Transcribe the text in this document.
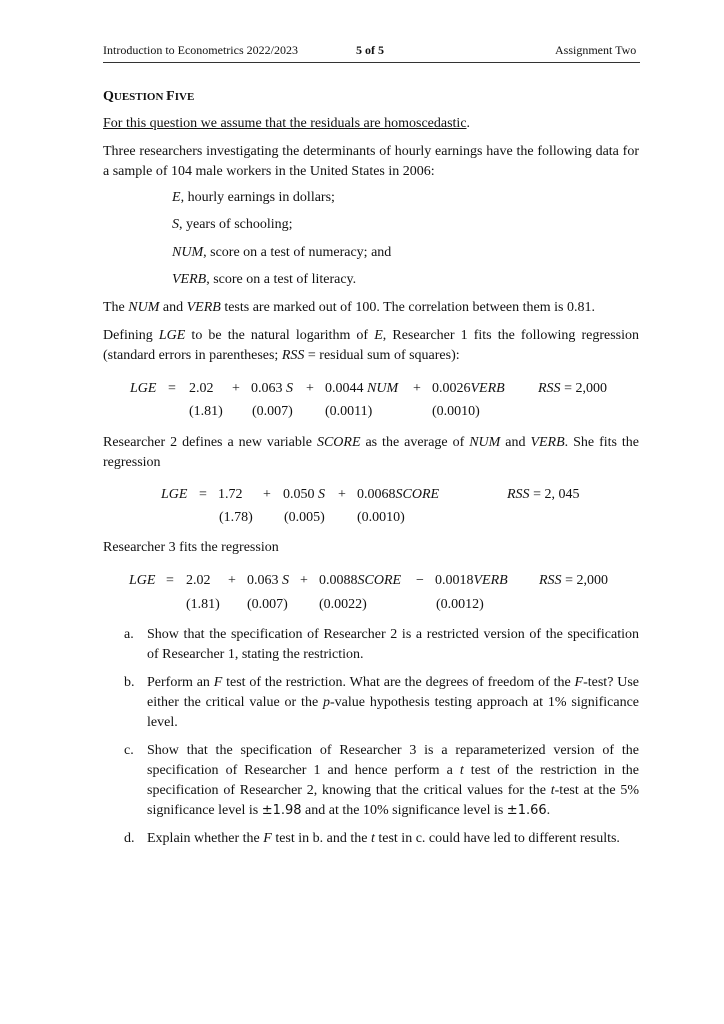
Introduction to Econometrics 2022/2023	5 of 5	Assignment Two
QUESTION FIVE
For this question we assume that the residuals are homoscedastic.
Three researchers investigating the determinants of hourly earnings have the following data for a sample of 104 male workers in the United States in 2006:
E, hourly earnings in dollars;
S, years of schooling;
NUM, score on a test of numeracy; and
VERB, score on a test of literacy.
The NUM and VERB tests are marked out of 100. The correlation between them is 0.81.
Defining LGE to be the natural logarithm of E, Researcher 1 fits the following regression (standard errors in parentheses; RSS = residual sum of squares):
LGE = 2.02 + 0.063 S + 0.0044 NUM + 0.0026VERB RSS = 2,000
(1.81) (0.007) (0.0011)	(0.0010)
Researcher 2 defines a new variable SCORE as the average of NUM and VERB. She fits the regression
LGE = 1.72 + 0.050 S + 0.0068SCORE	RSS = 2, 045
(1.78) (0.005) (0.0010)
Researcher 3 fits the regression
LGE = 2.02 + 0.063 S + 0.0088SCORE − 0.0018VERB RSS = 2,000
(1.81) (0.007) (0.0022)	(0.0012)
a. Show that the specification of Researcher 2 is a restricted version of the specification of Researcher 1, stating the restriction.
b. Perform an F test of the restriction. What are the degrees of freedom of the F-test? Use either the critical value or the p-value hypothesis testing approach at 1% significance level.
c. Show that the specification of Researcher 3 is a reparameterized version of the specification of Researcher 1 and hence perform a t test of the restriction in the specification of Researcher 2, knowing that the critical values for the t-test at the 5% significance level is ±1.98 and at the 10% significance level is ±1.66.
d. Explain whether the F test in b. and the t test in c. could have led to different results.
